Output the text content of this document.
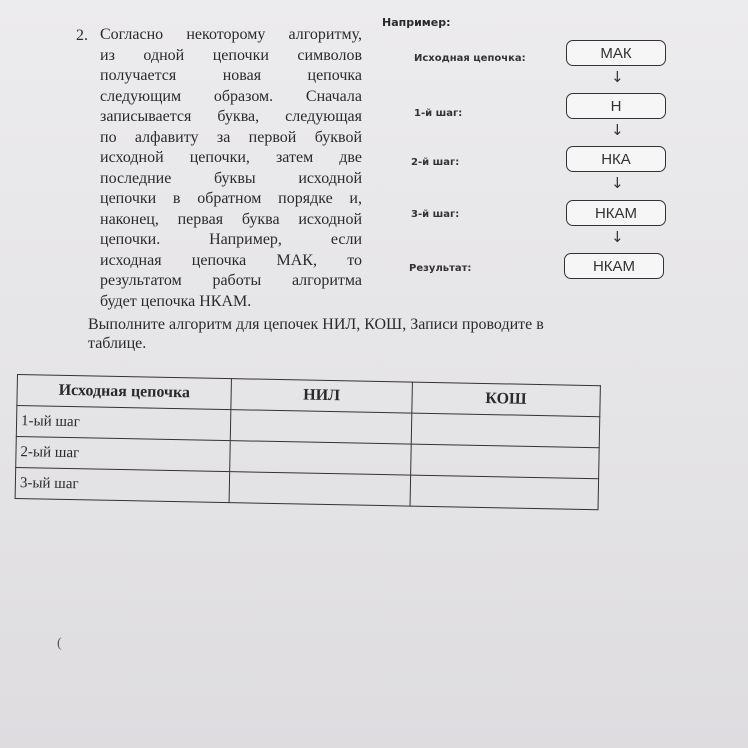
2. Согласно некоторому алгоритму,
из одной цепочки символов
получается новая цепочка
следующим образом. Сначала
записывается буква, следующая
по алфавиту за первой буквой
исходной цепочки, затем две
последние буквы исходной
цепочки в обратном порядке и,
наконец, первая буква исходной
цепочки. Например, если
исходная цепочка МАК, то
результатом работы алгоритма
будет цепочка НКАМ.
Выполните алгоритм для цепочек НИЛ, КОШ, Записи проводите в
таблице.
Например:
Исходная цепочка:	МАК
↓
1-й шаг:	Н
↓
2-й шаг:	НКА
↓
3-й шаг:	НКАМ
↓
Результат:	НКАМ
Исходная цепочка	НИЛ	КОШ
1-ый шаг		
2-ый шаг		
3-ый шаг		
(
